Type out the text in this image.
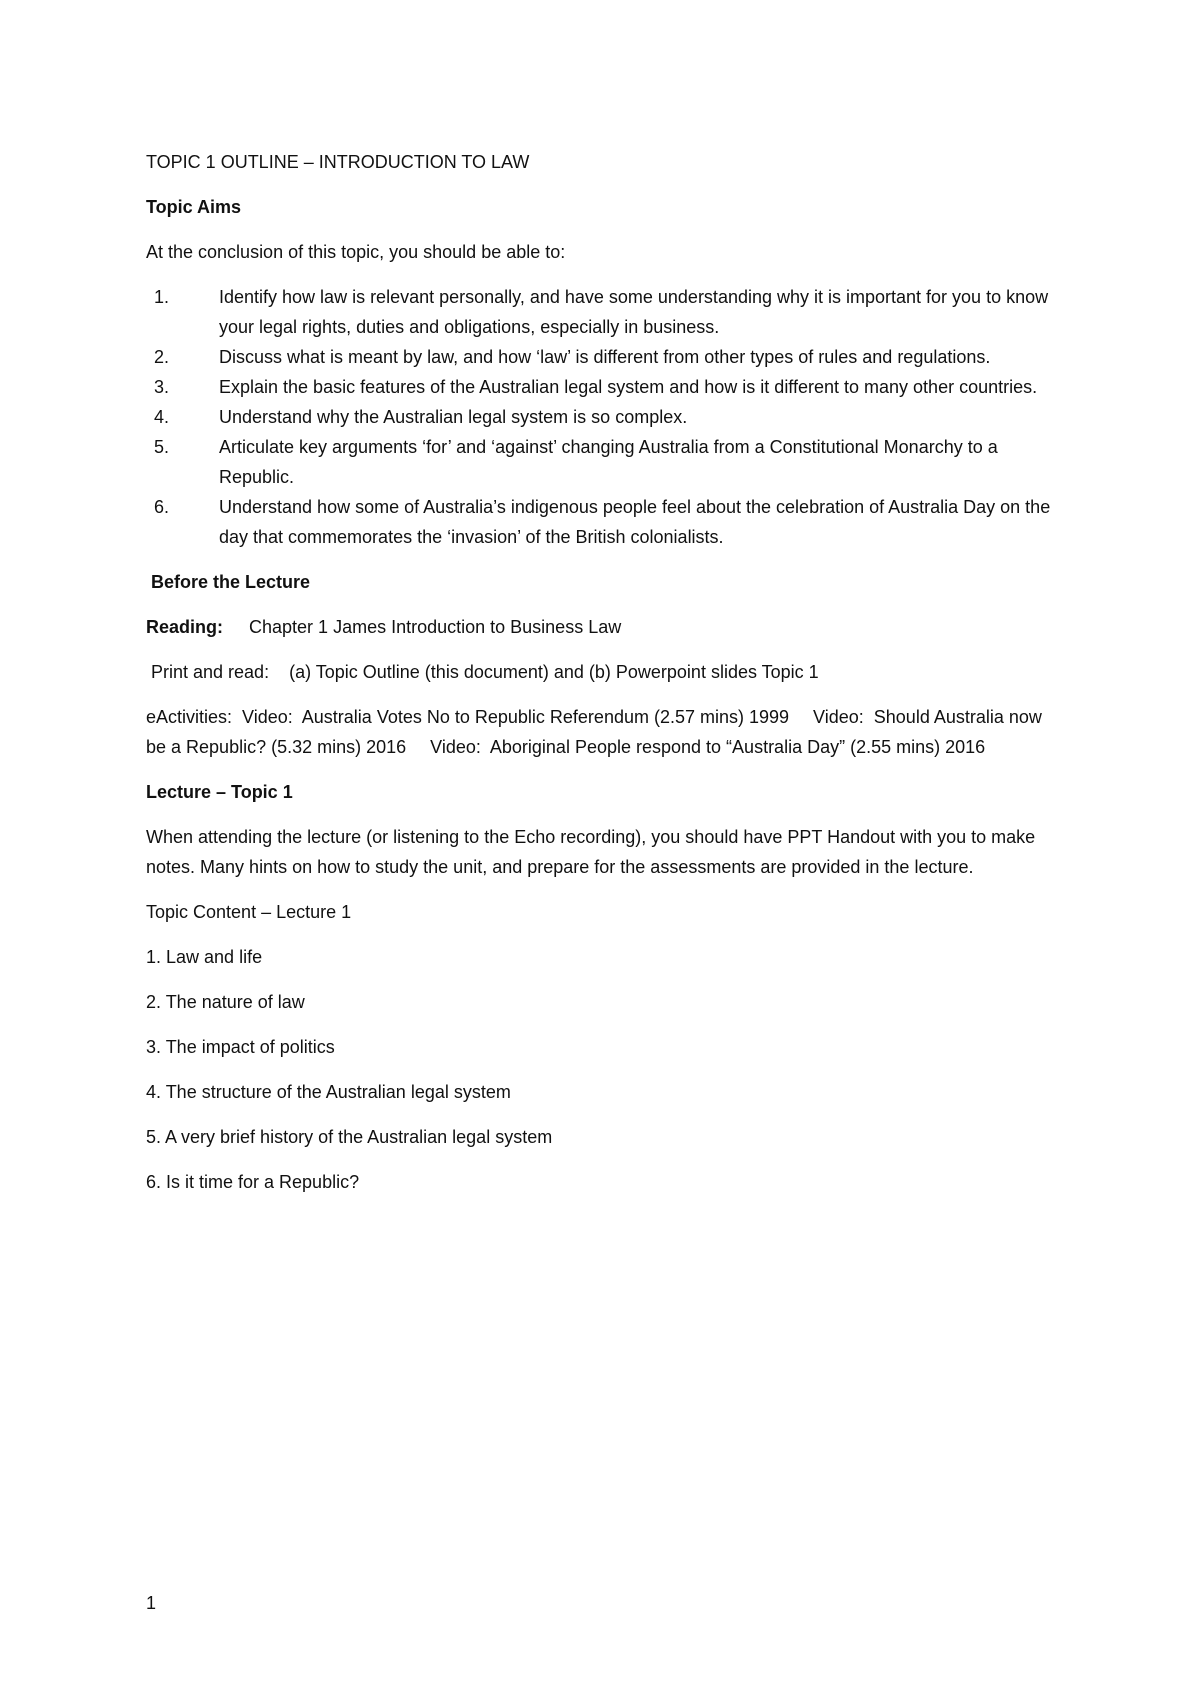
TOPIC 1 OUTLINE – INTRODUCTION TO LAW

Topic Aims

At the conclusion of this topic, you should be able to:

1.	Identify how law is relevant personally, and have some understanding why it is important for you to know your legal rights, duties and obligations, especially in business.
2.	Discuss what is meant by law, and how ‘law’ is different from other types of rules and regulations.
3.	Explain the basic features of the Australian legal system and how is it different to many other countries.
4.	Understand why the Australian legal system is so complex.
5.	Articulate key arguments ‘for’ and ‘against’ changing Australia from a Constitutional Monarchy to a Republic.
6.	Understand how some of Australia’s indigenous people feel about the celebration of Australia Day on the day that commemorates the ‘invasion’ of the British colonialists.

Before the Lecture

Reading: Chapter 1 James Introduction to Business Law

Print and read: (a) Topic Outline (this document) and (b) Powerpoint slides Topic 1

eActivities: Video: Australia Votes No to Republic Referendum (2.57 mins) 1999 Video: Should Australia now be a Republic? (5.32 mins) 2016 Video: Aboriginal People respond to “Australia Day” (2.55 mins) 2016

Lecture – Topic 1

When attending the lecture (or listening to the Echo recording), you should have PPT Handout with you to make notes. Many hints on how to study the unit, and prepare for the assessments are provided in the lecture.

Topic Content – Lecture 1

1. Law and life

2. The nature of law

3. The impact of politics

4. The structure of the Australian legal system

5. A very brief history of the Australian legal system

6. Is it time for a Republic?

1
